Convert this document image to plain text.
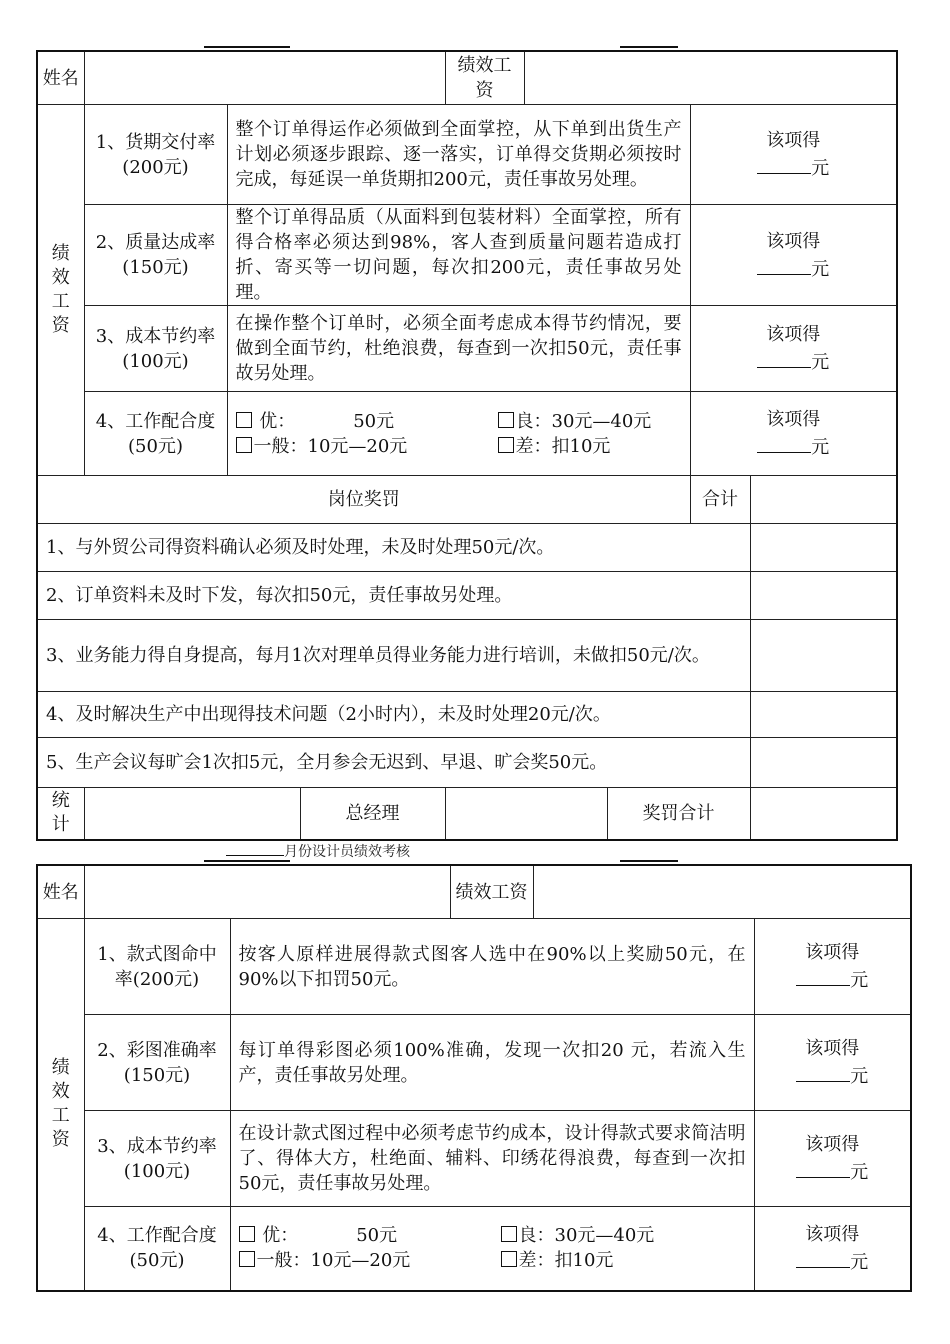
姓名				绩效工资			

绩效工资	1、货期交付率(200元)	整个订单得运作必须做到全面掌控，从下单到出货生产计划必须逐步跟踪、逐一落实，订单得交货期必须按时完成，每延误一单货期扣200元，责任事故另处理。				该项得
元	
	2、质量达成率(150元)	整个订单得品质（从面料到包装材料）全面掌控，所有得合格率必须达到98%，客人查到质量问题若造成打折、寄买等一切问题，每次扣200元，责任事故另处理。				该项得
元	
	3、成本节约率(100元)	在操作整个订单时，必须全面考虑成本得节约情况，要做到全面节约，杜绝浪费，每查到一次扣50元，责任事故另处理。				该项得
元	
	4、工作配合度(50元)	优： 50元 良：30元—40元
一般：10元—20元 差：扣10元				该项得
元	
岗位奖罚						合计	
1、与外贸公司得资料确认必须及时处理，未及时处理50元/次。							
2、订单资料未及时下发，每次扣50元，责任事故另处理。							
3、业务能力得自身提高，每月1次对理单员得业务能力进行培训，未做扣50元/次。							
4、及时解决生产中出现得技术问题（2小时内），未及时处理20元/次。							
5、生产会议每旷会1次扣5元，全月参会无迟到、早退、旷会奖50元。							
统计			总经理		奖罚合计		
月份设计员绩效考核
姓名	绩效工资		

绩效工资	1、款式图命中率(200元)	按客人原样进展得款式图客人选中在90%以上奖励50元，在90%以下扣罚50元。	该项得
元
	2、彩图准确率(150元)	每订单得彩图必须100%准确，发现一次扣20 元，若流入生产，责任事故另处理。	该项得
元
	3、成本节约率(100元)	在设计款式图过程中必须考虑节约成本，设计得款式要求简洁明了、得体大方，杜绝面、辅料、印绣花得浪费，每查到一次扣50元，责任事故另处理。	该项得
元
	4、工作配合度(50元)	优： 50元 良：30元—40元
一般：10元—20元 差：扣10元	该项得
元
